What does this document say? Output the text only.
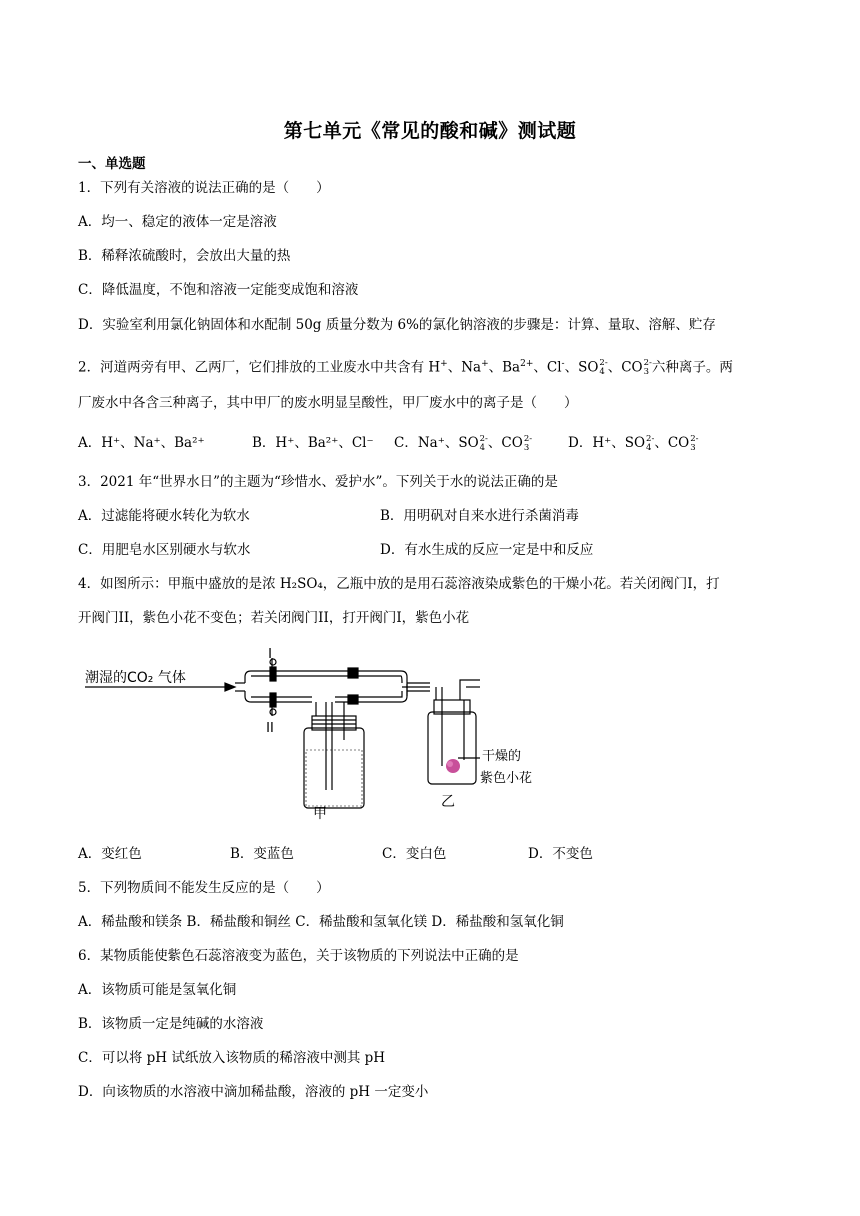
第七单元《常见的酸和碱》测试题
一、单选题
1．下列有关溶液的说法正确的是（　　）
A．均一、稳定的液体一定是溶液
B．稀释浓硫酸时，会放出大量的热
C．降低温度，不饱和溶液一定能变成饱和溶液
D．实验室利用氯化钠固体和水配制 50g 质量分数为 6%的氯化钠溶液的步骤是：计算、量取、溶解、贮存
2．河道两旁有甲、乙两厂，它们排放的工业废水中共含有 H+、Na+、$Ba^{2+}$、Cl-、SO 2-
4 、CO 2-
3 六种离子。两
厂废水中各含三种离子，其中甲厂的废水明显呈酸性，甲厂废水中的离子是（　　）
A．H⁺、Na⁺、Ba²⁺	B．H⁺、Ba²⁺、Cl⁻ C．Na⁺、SO 2-
4 、CO 2-
3	D．H⁺、SO 2-
4 、CO 2-
3
3．2021 年“世界水日”的主题为“珍惜水、爱护水”。下列关于水的说法正确的是
A．过滤能将硬水转化为软水	B．用明矾对自来水进行杀菌消毒
C．用肥皂水区别硬水与软水	D．有水生成的反应一定是中和反应
4．如图所示：甲瓶中盛放的是浓 H₂SO₄，乙瓶中放的是用石蕊溶液染成紫色的干燥小花。若关闭阀门I，打
开阀门II，紫色小花不变色；若关闭阀门II，打开阀门I，紫色小花
潮湿的CO₂ 气体
I
II
甲
乙
干燥的
紫色小花
A．变红色	B．变蓝色	C．变白色	D．不变色
5．下列物质间不能发生反应的是（　　）
A．稀盐酸和镁条 B．稀盐酸和铜丝 C．稀盐酸和氢氧化镁 D．稀盐酸和氢氧化铜
6．某物质能使紫色石蕊溶液变为蓝色，关于该物质的下列说法中正确的是
A．该物质可能是氢氧化铜
B．该物质一定是纯碱的水溶液
C．可以将 pH 试纸放入该物质的稀溶液中测其 pH
D．向该物质的水溶液中滴加稀盐酸，溶液的 pH 一定变小
